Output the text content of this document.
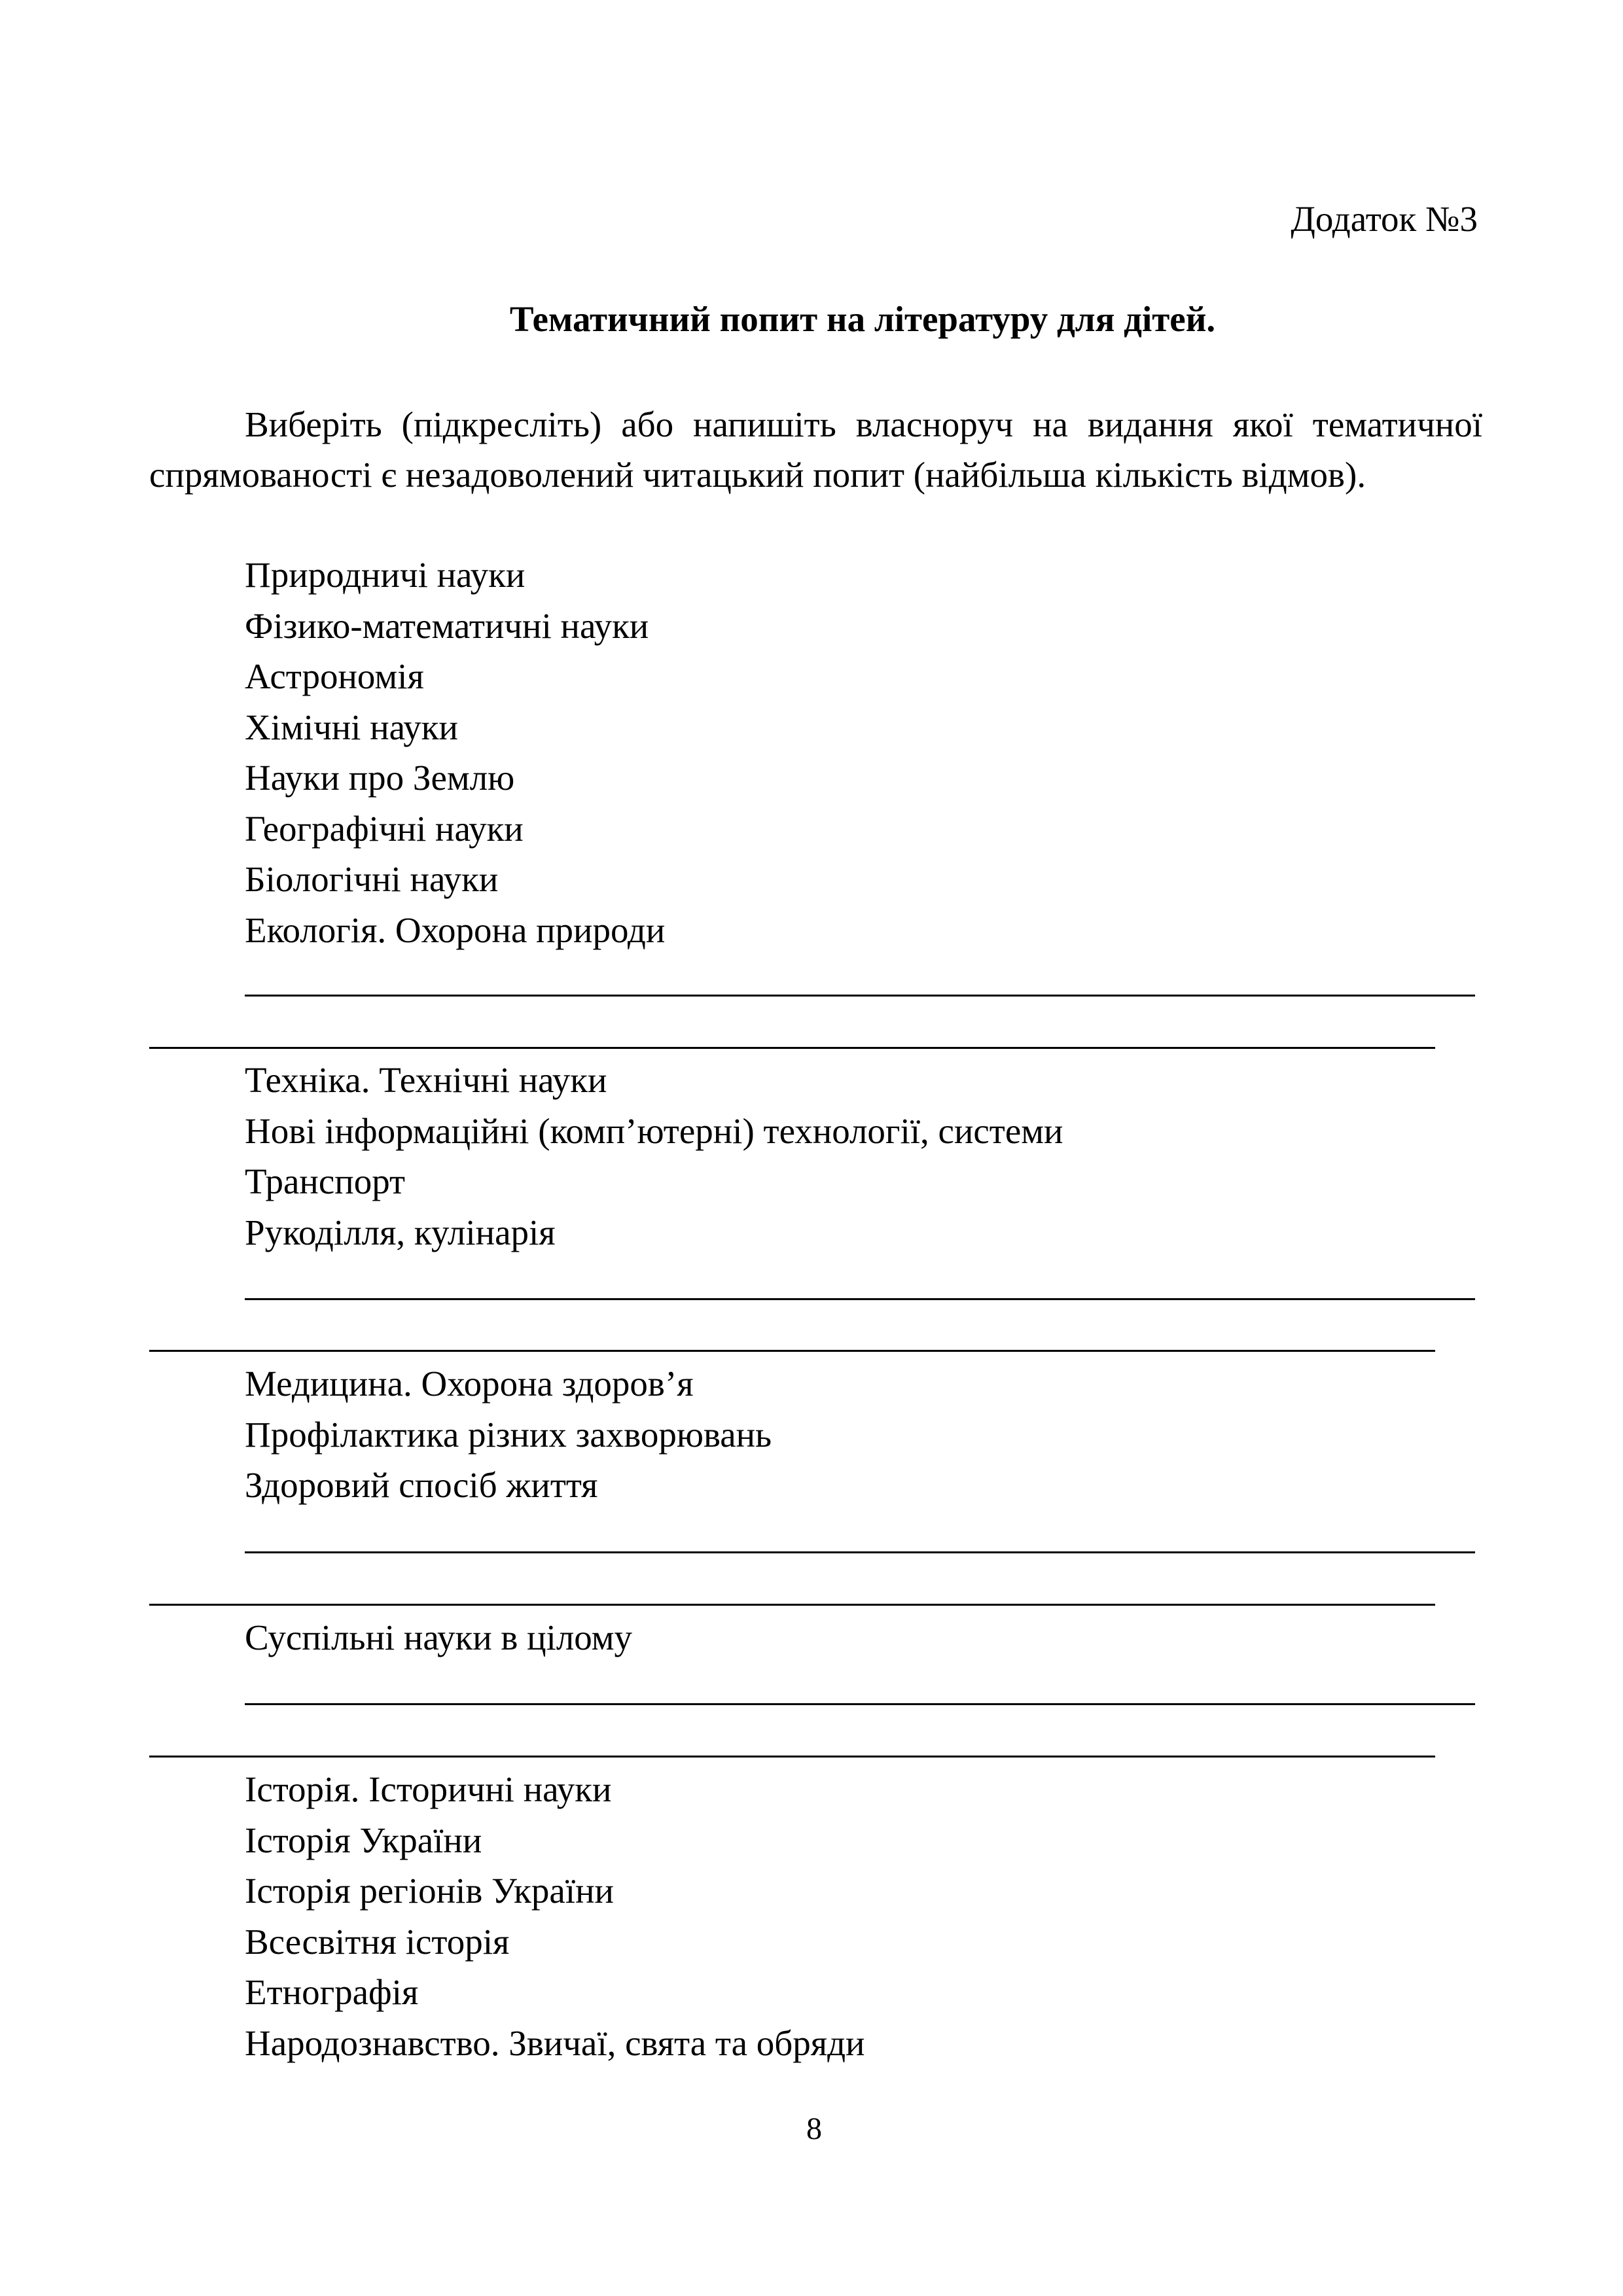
Додаток №3
Тематичний попит на літературу для дітей.
Виберіть (підкресліть) або напишіть власноруч на видання якої тематичної
спрямованості є незадоволений читацький попит (найбільша кількість відмов).
Природничі науки
Фізико-математичні науки
Астрономія
Хімічні науки
Науки про Землю
Географічні науки
Біологічні науки
Екологія. Охорона природи
Техніка. Технічні науки
Нові інформаційні (комп’ютерні) технології, системи
Транспорт
Рукоділля, кулінарія
Медицина. Охорона здоров’я
Профілактика різних захворювань
Здоровий спосіб життя
Суспільні науки в цілому
Історія. Історичні науки
Історія України
Історія регіонів України
Всесвітня історія
Етнографія
Народознавство. Звичаї, свята та обряди
8
